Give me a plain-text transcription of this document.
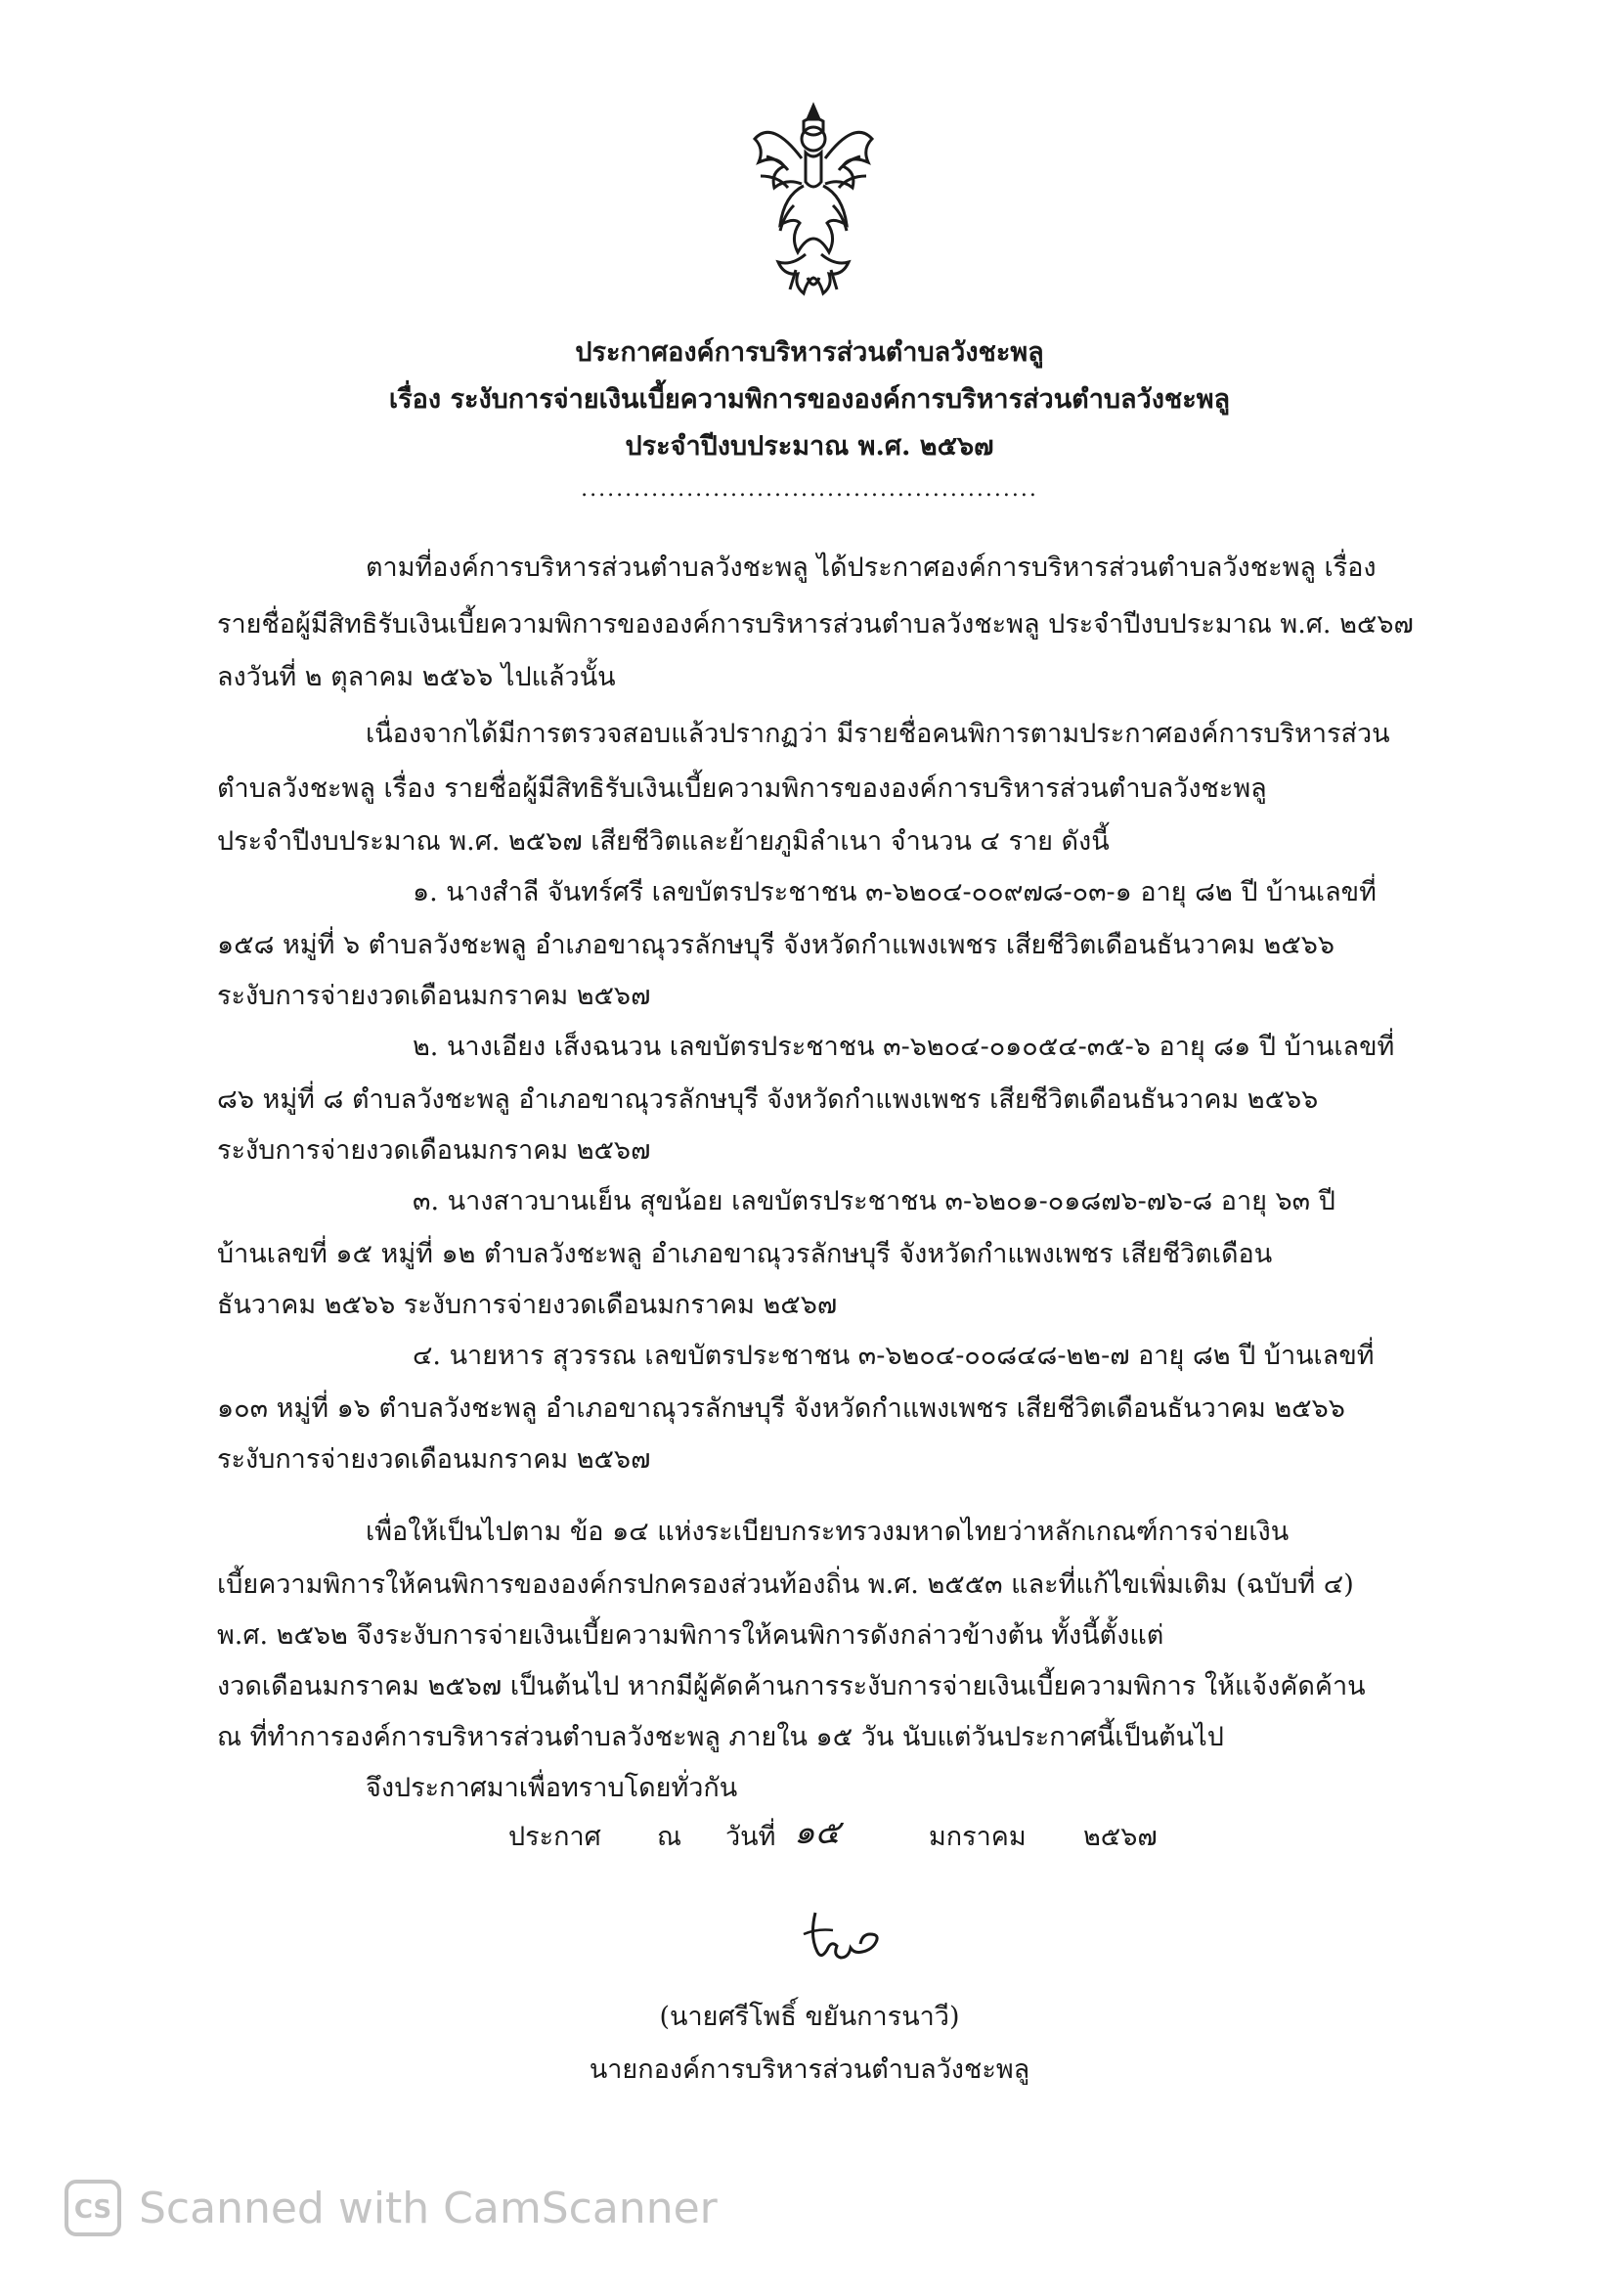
ประกาศองค์การบริหารส่วนตำบลวังชะพลู
เรื่อง ระงับการจ่ายเงินเบี้ยความพิการขององค์การบริหารส่วนตำบลวังชะพลู
ประจำปีงบประมาณ พ.ศ. ๒๕๖๗
....................................................
ตามที่องค์การบริหารส่วนตำบลวังชะพลู ได้ประกาศองค์การบริหารส่วนตำบลวังชะพลู เรื่อง
รายชื่อผู้มีสิทธิรับเงินเบี้ยความพิการขององค์การบริหารส่วนตำบลวังชะพลู ประจำปีงบประมาณ พ.ศ. ๒๕๖๗
ลงวันที่ ๒ ตุลาคม ๒๕๖๖ ไปแล้วนั้น
เนื่องจากได้มีการตรวจสอบแล้วปรากฏว่า มีรายชื่อคนพิการตามประกาศองค์การบริหารส่วน
ตำบลวังชะพลู เรื่อง รายชื่อผู้มีสิทธิรับเงินเบี้ยความพิการขององค์การบริหารส่วนตำบลวังชะพลู
ประจำปีงบประมาณ พ.ศ. ๒๕๖๗ เสียชีวิตและย้ายภูมิลำเนา จำนวน ๔ ราย ดังนี้
๑. นางสำลี จันทร์ศรี เลขบัตรประชาชน ๓-๖๒๐๔-๐๐๙๗๘-๐๓-๑ อายุ ๘๒ ปี บ้านเลขที่
๑๕๘ หมู่ที่ ๖ ตำบลวังชะพลู อำเภอขาณุวรลักษบุรี จังหวัดกำแพงเพชร เสียชีวิตเดือนธันวาคม ๒๕๖๖
ระงับการจ่ายงวดเดือนมกราคม ๒๕๖๗
๒. นางเอียง เส็งฉนวน เลขบัตรประชาชน ๓-๖๒๐๔-๐๑๐๕๔-๓๕-๖ อายุ ๘๑ ปี บ้านเลขที่
๘๖ หมู่ที่ ๘ ตำบลวังชะพลู อำเภอขาณุวรลักษบุรี จังหวัดกำแพงเพชร เสียชีวิตเดือนธันวาคม ๒๕๖๖
ระงับการจ่ายงวดเดือนมกราคม ๒๕๖๗
๓. นางสาวบานเย็น สุขน้อย เลขบัตรประชาชน ๓-๖๒๐๑-๐๑๘๗๖-๗๖-๘ อายุ ๖๓ ปี
บ้านเลขที่ ๑๕ หมู่ที่ ๑๒ ตำบลวังชะพลู อำเภอขาณุวรลักษบุรี จังหวัดกำแพงเพชร เสียชีวิตเดือน
ธันวาคม ๒๕๖๖ ระงับการจ่ายงวดเดือนมกราคม ๒๕๖๗
๔. นายหาร สุวรรณ เลขบัตรประชาชน ๓-๖๒๐๔-๐๐๘๔๘-๒๒-๗ อายุ ๘๒ ปี บ้านเลขที่
๑๐๓ หมู่ที่ ๑๖ ตำบลวังชะพลู อำเภอขาณุวรลักษบุรี จังหวัดกำแพงเพชร เสียชีวิตเดือนธันวาคม ๒๕๖๖
ระงับการจ่ายงวดเดือนมกราคม ๒๕๖๗
เพื่อให้เป็นไปตาม ข้อ ๑๔ แห่งระเบียบกระทรวงมหาดไทยว่าหลักเกณฑ์การจ่ายเงิน
เบี้ยความพิการให้คนพิการขององค์กรปกครองส่วนท้องถิ่น พ.ศ. ๒๕๕๓ และที่แก้ไขเพิ่มเติม (ฉบับที่ ๔)
พ.ศ. ๒๕๖๒ จึงระงับการจ่ายเงินเบี้ยความพิการให้คนพิการดังกล่าวข้างต้น ทั้งนี้ตั้งแต่
งวดเดือนมกราคม ๒๕๖๗ เป็นต้นไป หากมีผู้คัดค้านการระงับการจ่ายเงินเบี้ยความพิการ ให้แจ้งคัดค้าน
ณ ที่ทำการองค์การบริหารส่วนตำบลวังชะพลู ภายใน ๑๕ วัน นับแต่วันประกาศนี้เป็นต้นไป
จึงประกาศมาเพื่อทราบโดยทั่วกัน
ประกาศ ณ วันที่ ๑๕	มกราคม ๒๕๖๗
(นายศรีโพธิ์ ขยันการนาวี)
นายกองค์การบริหารส่วนตำบลวังชะพลู
CS Scanned with CamScanner
